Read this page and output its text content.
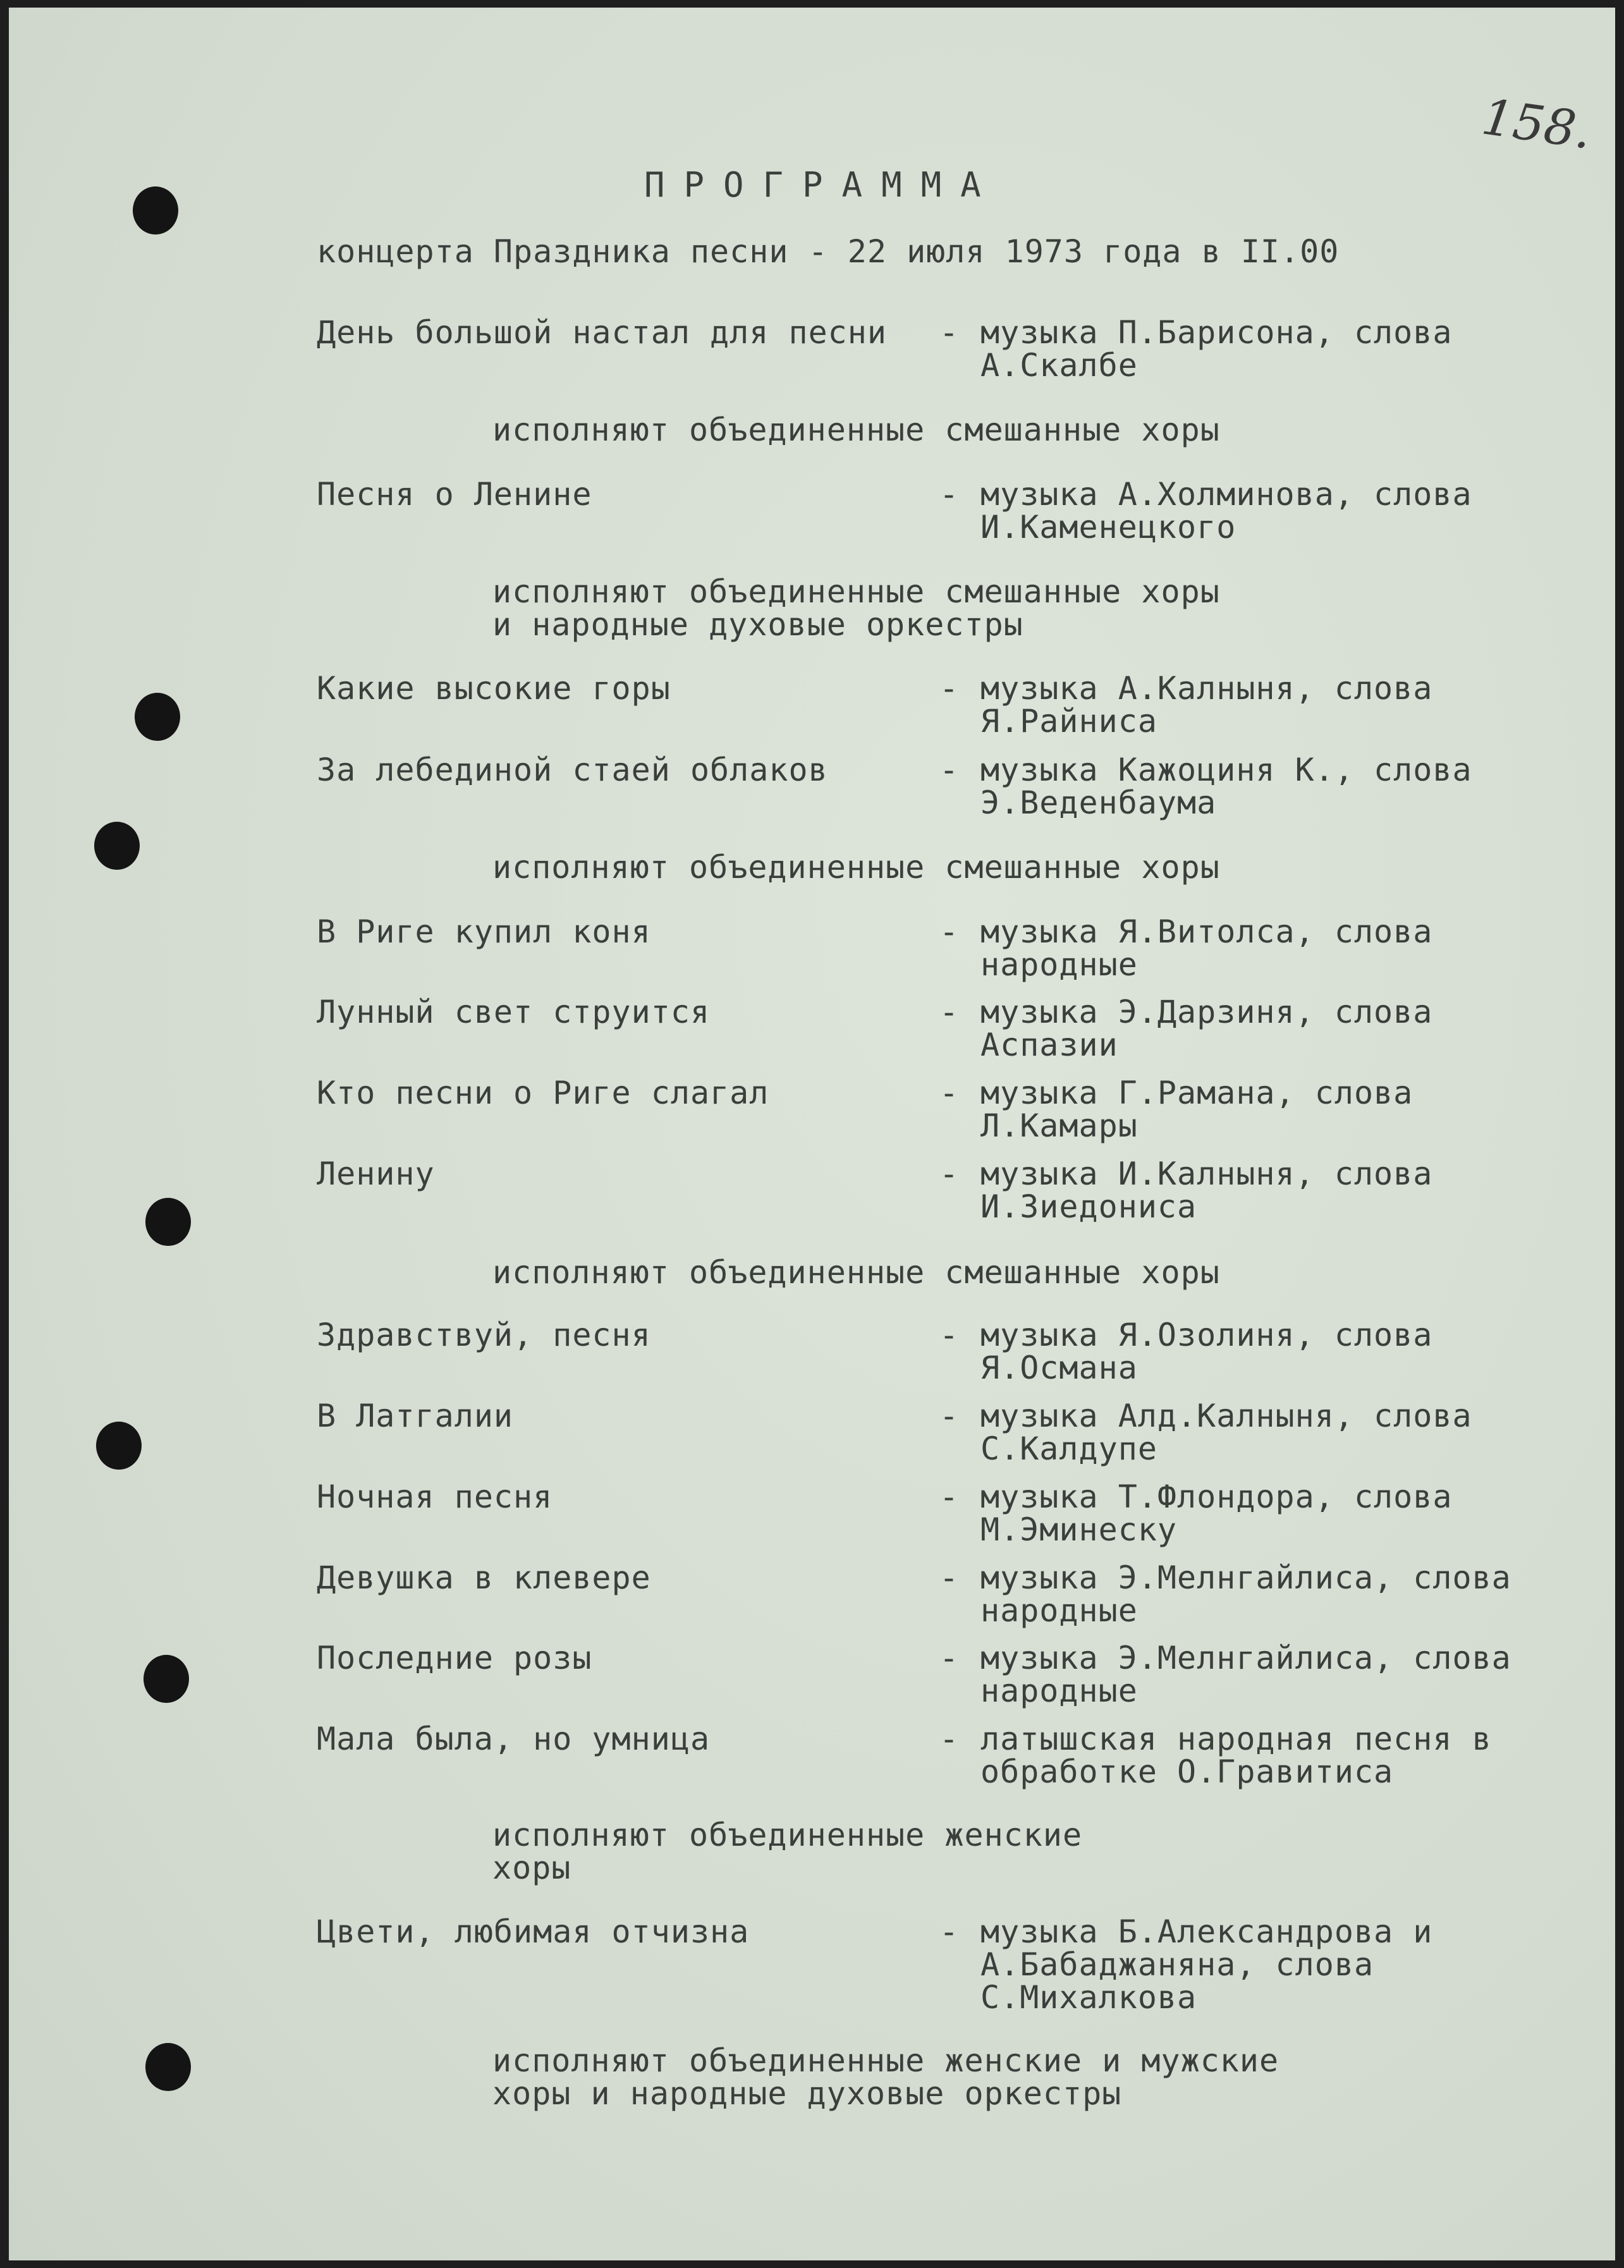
158.
ПРОГРАММА
концерта Праздника песни - 22 июля 1973 года в II.00
День большой настал для песни - музыка П.Барисона, слова
А.Скалбе
исполняют объединенные смешанные хоры
Песня о Ленине	- музыка А.Холминова, слова
И.Каменецкого
исполняют объединенные смешанные хоры
и народные духовые оркестры
Какие высокие горы	- музыка А.Калныня, слова
Я.Райниса
За лебединой стаей облаков	- музыка Кажоциня К., слова
Э.Веденбаума
исполняют объединенные смешанные хоры
В Риге купил коня	- музыка Я.Витолса, слова
народные
Лунный свет струится	- музыка Э.Дарзиня, слова
Аспазии
Кто песни о Риге слагал	- музыка Г.Рамана, слова
Л.Камары
Ленину	- музыка И.Калныня, слова
И.Зиедониса
исполняют объединенные смешанные хоры
Здравствуй, песня	- музыка Я.Озолиня, слова
Я.Османа
В Латгалии	- музыка Алд.Калныня, слова
С.Калдупе
Ночная песня	- музыка Т.Флондора, слова
М.Эминеску
Девушка в клевере	- музыка Э.Мелнгайлиса, слова
народные
Последние розы	- музыка Э.Мелнгайлиса, слова
народные
Мала была, но умница	- латышская народная песня в
обработке О.Гравитиса
исполняют объединенные женские
хоры
Цвети, любимая отчизна	- музыка Б.Александрова и
А.Бабаджаняна, слова
С.Михалкова
исполняют объединенные женские и мужские
хоры и народные духовые оркестры
